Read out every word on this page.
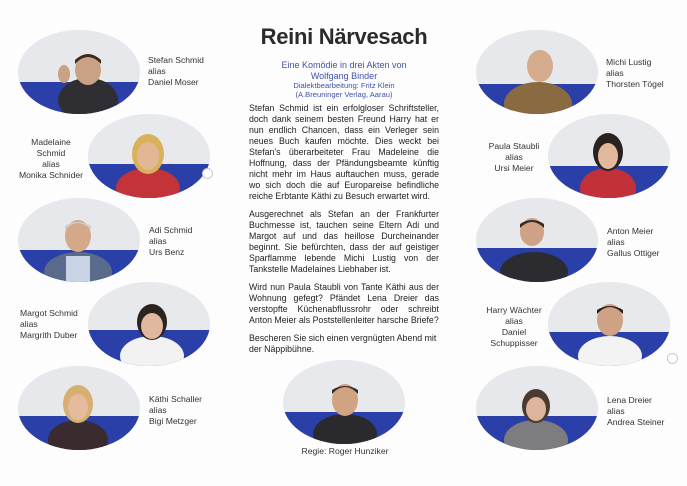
Stefan Schmid
alias
Daniel Moser
Madelaine
Schmid
alias
Monika Schnider
Adi Schmid
alias
Urs Benz
Margot Schmid
alias
Margrith Duber
Käthi Schaller
alias
Bigi Metzger
Reini Närvesach
Eine Komödie in drei Akten von
Wolfgang Binder
Dialektbearbeitung: Fritz Klein
(A.Breuninger Verlag, Aarau)

Stefan Schmid ist ein erfolgloser Schriftsteller, doch dank seinem besten Freund Harry hat er nun endlich Chancen, dass ein Verleger sein neues Buch kaufen möchte. Dies weckt bei Stefan's überarbeiteter Frau Madeleine die Hoffnung, dass der Pfändungsbeamte künftig nicht mehr im Haus auftauchen muss, gerade wo sich doch die auf Europareise befindliche reiche Erbtante Käthi zu Besuch erwartet wird.

Ausgerechnet als Stefan an der Frankfurter Buchmesse ist, tauchen seine Eltern Adi und Margot auf und das heillose Durcheinander beginnt. Sie befürchten, dass der auf geistiger Sparflamme lebende Michi Lustig von der Tankstelle Madelaines Liebhaber ist.

Wird nun Paula Staubli von Tante Käthi aus der Wohnung gefegt? Pfändet Lena Dreier das verstopfte Küchenabflussrohr oder schreibt Anton Meier als Poststellenleiter harsche Briefe?

Bescheren Sie sich einen vergnügten Abend mit der Näppibühne.

Regie: Roger Hunziker
Michi Lustig
alias
Thorsten Tögel
Paula Staubli
alias
Ursi Meier
Anton Meier
alias
Gallus Ottiger
Harry Wächter
alias
Daniel
Schuppisser
Lena Dreier
alias
Andrea Steiner
